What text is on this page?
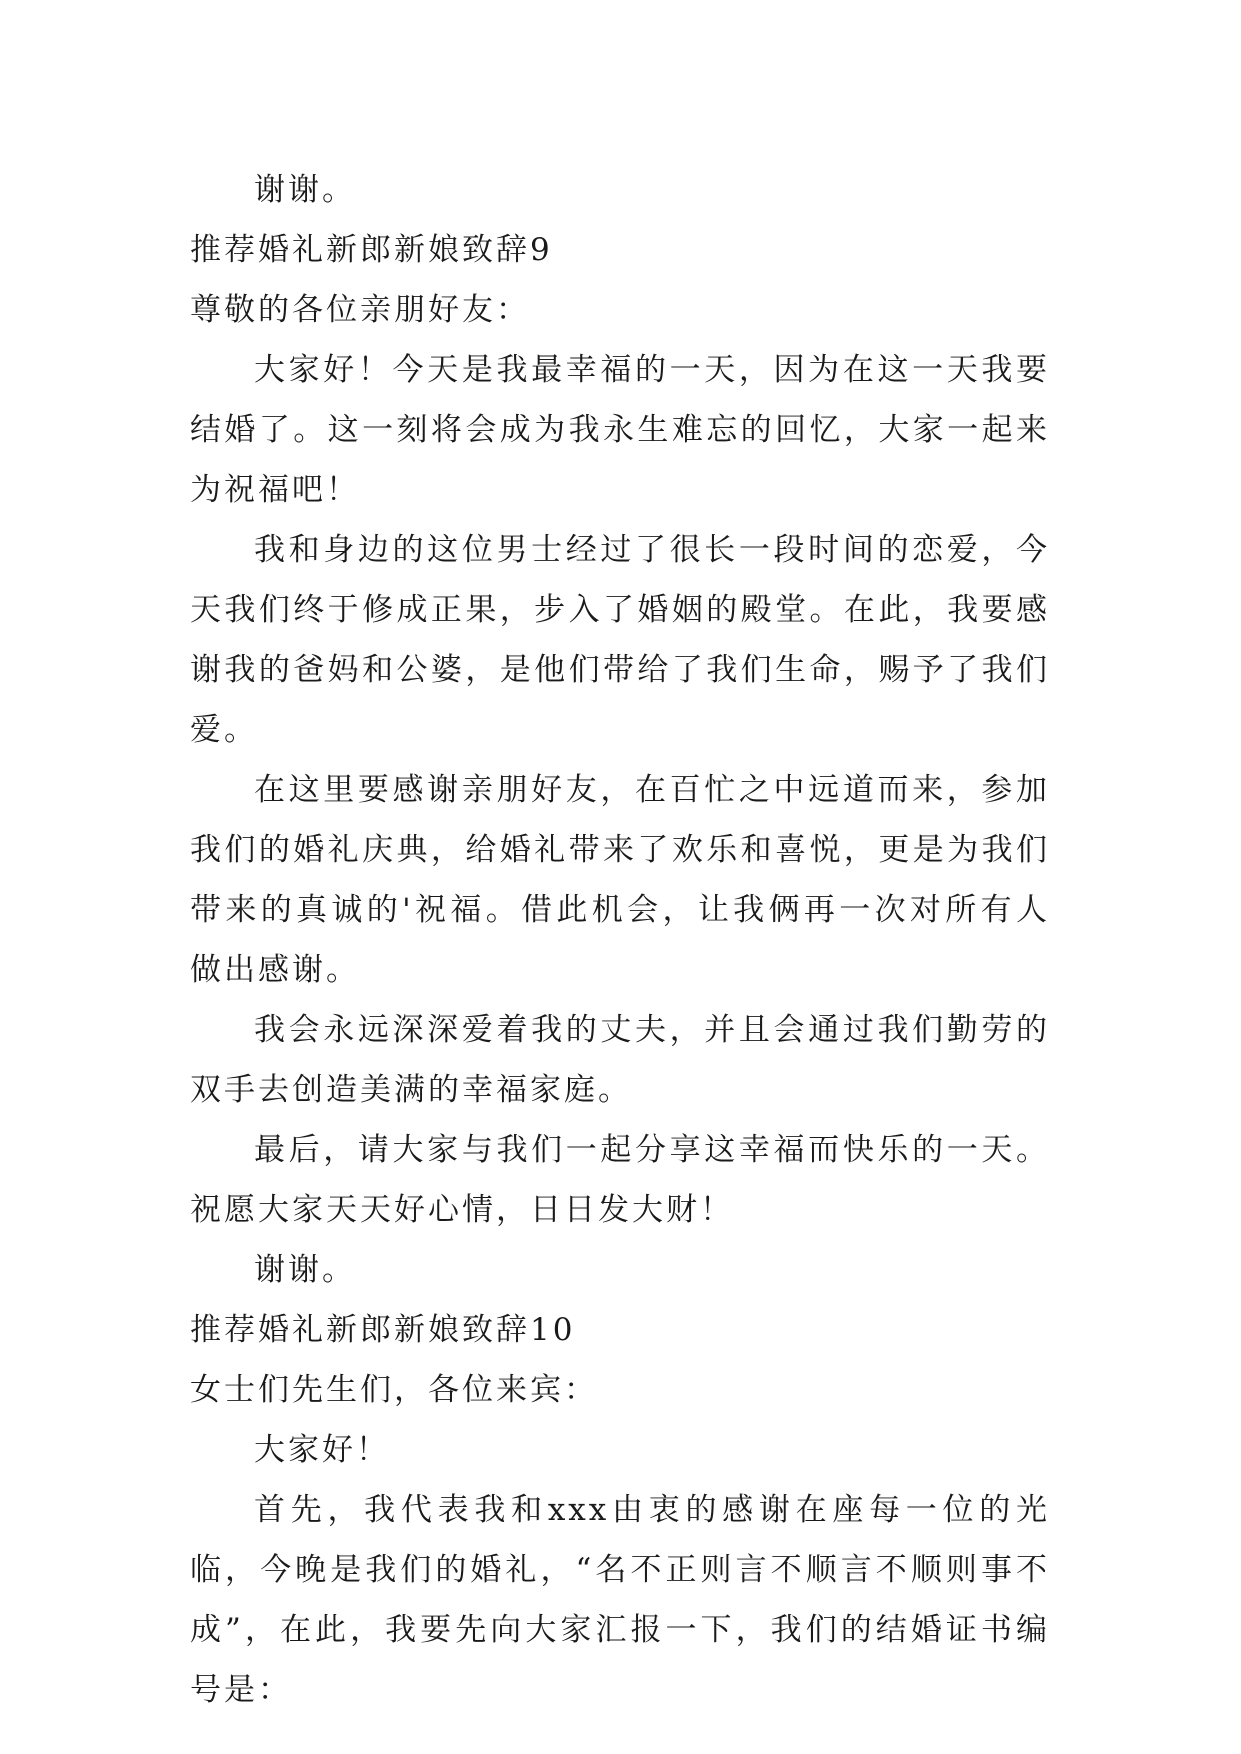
谢谢。

推荐婚礼新郎新娘致辞9

尊敬的各位亲朋好友：

大家好！今天是我最幸福的一天，因为在这一天我要结婚了。这一刻将会成为我永生难忘的回忆，大家一起来为祝福吧！

我和身边的这位男士经过了很长一段时间的恋爱，今天我们终于修成正果，步入了婚姻的殿堂。在此，我要感谢我的爸妈和公婆，是他们带给了我们生命，赐予了我们爱。

在这里要感谢亲朋好友，在百忙之中远道而来，参加我们的婚礼庆典，给婚礼带来了欢乐和喜悦，更是为我们带来的真诚的'祝福。借此机会，让我俩再一次对所有人做出感谢。

我会永远深深爱着我的丈夫，并且会通过我们勤劳的双手去创造美满的幸福家庭。

最后，请大家与我们一起分享这幸福而快乐的一天。祝愿大家天天好心情，日日发大财！

谢谢。

推荐婚礼新郎新娘致辞10

女士们先生们，各位来宾：

大家好！

首先，我代表我和xxx由衷的感谢在座每一位的光临，今晚是我们的婚礼，“名不正则言不顺言不顺则事不成”，在此，我要先向大家汇报一下，我们的结婚证书编号是：
